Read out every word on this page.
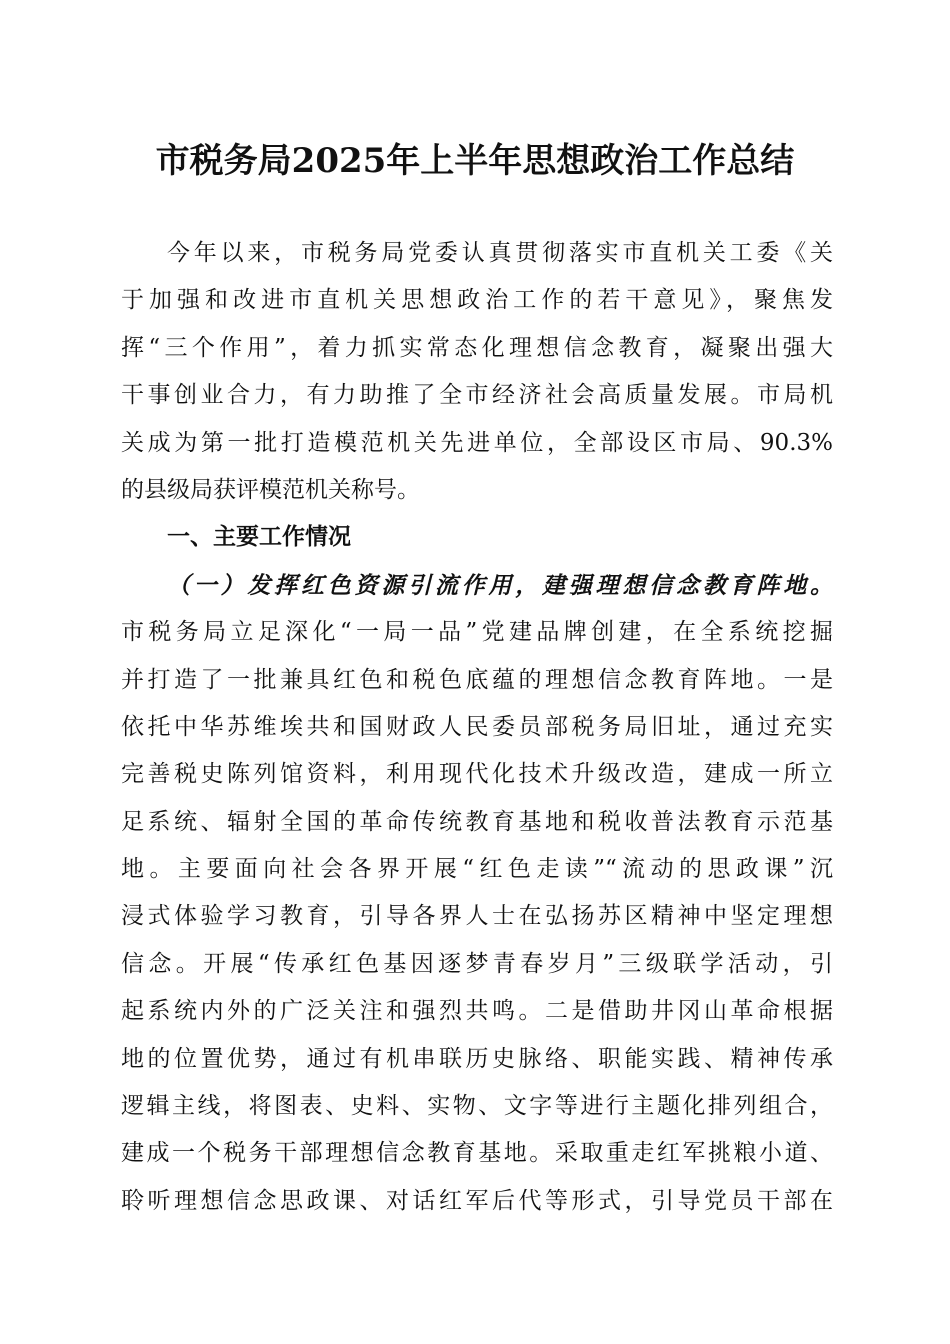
市税务局2025年上半年思想政治工作总结
今年以来，市税务局党委认真贯彻落实市直机关工委《关
于加强和改进市直机关思想政治工作的若干意见》，聚焦发
挥“三个作用”，着力抓实常态化理想信念教育，凝聚出强大
干事创业合力，有力助推了全市经济社会高质量发展。市局机
关成为第一批打造模范机关先进单位，全部设区市局、90.3%
的县级局获评模范机关称号。
一、主要工作情况
（一）发挥红色资源引流作用，建强理想信念教育阵地。
市税务局立足深化“一局一品”党建品牌创建，在全系统挖掘
并打造了一批兼具红色和税色底蕴的理想信念教育阵地。一是
依托中华苏维埃共和国财政人民委员部税务局旧址，通过充实
完善税史陈列馆资料，利用现代化技术升级改造，建成一所立
足系统、辐射全国的革命传统教育基地和税收普法教育示范基
地。主要面向社会各界开展“红色走读”“流动的思政课”沉
浸式体验学习教育，引导各界人士在弘扬苏区精神中坚定理想
信念。开展“传承红色基因逐梦青春岁月”三级联学活动，引
起系统内外的广泛关注和强烈共鸣。二是借助井冈山革命根据
地的位置优势，通过有机串联历史脉络、职能实践、精神传承
逻辑主线，将图表、史料、实物、文字等进行主题化排列组合，
建成一个税务干部理想信念教育基地。采取重走红军挑粮小道、
聆听理想信念思政课、对话红军后代等形式，引导党员干部在
